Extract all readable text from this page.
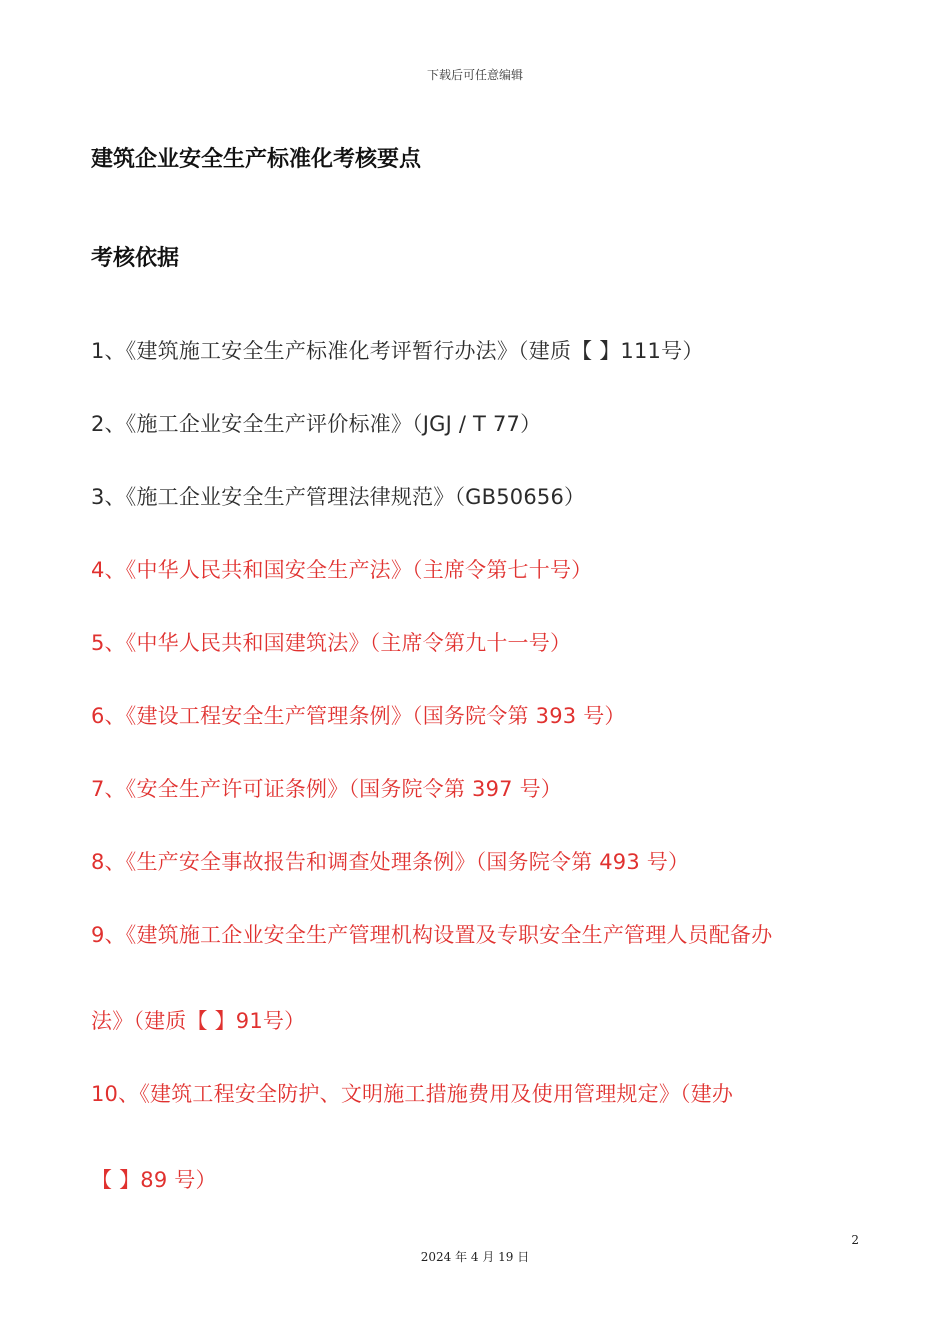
下载后可任意编辑
建筑企业安全生产标准化考核要点
考核依据
1、《建筑施工安全生产标准化考评暂行办法》（建质【 】111号）
2、《施工企业安全生产评价标准》（JGJ / T 77）
3、《施工企业安全生产管理法律规范》（GB50656）
4、《中华人民共和国安全生产法》（主席令第七十号）
5、《中华人民共和国建筑法》（主席令第九十一号）
6、《建设工程安全生产管理条例》（国务院令第 393 号）
7、《安全生产许可证条例》（国务院令第 397 号）
8、《生产安全事故报告和调查处理条例》（国务院令第 493 号）
9、《建筑施工企业安全生产管理机构设置及专职安全生产管理人员配备办
法》（建质【 】91号）
10、《建筑工程安全防护、文明施工措施费用及使用管理规定》（建办
【 】89 号）
2
2024 年 4 月 19 日
